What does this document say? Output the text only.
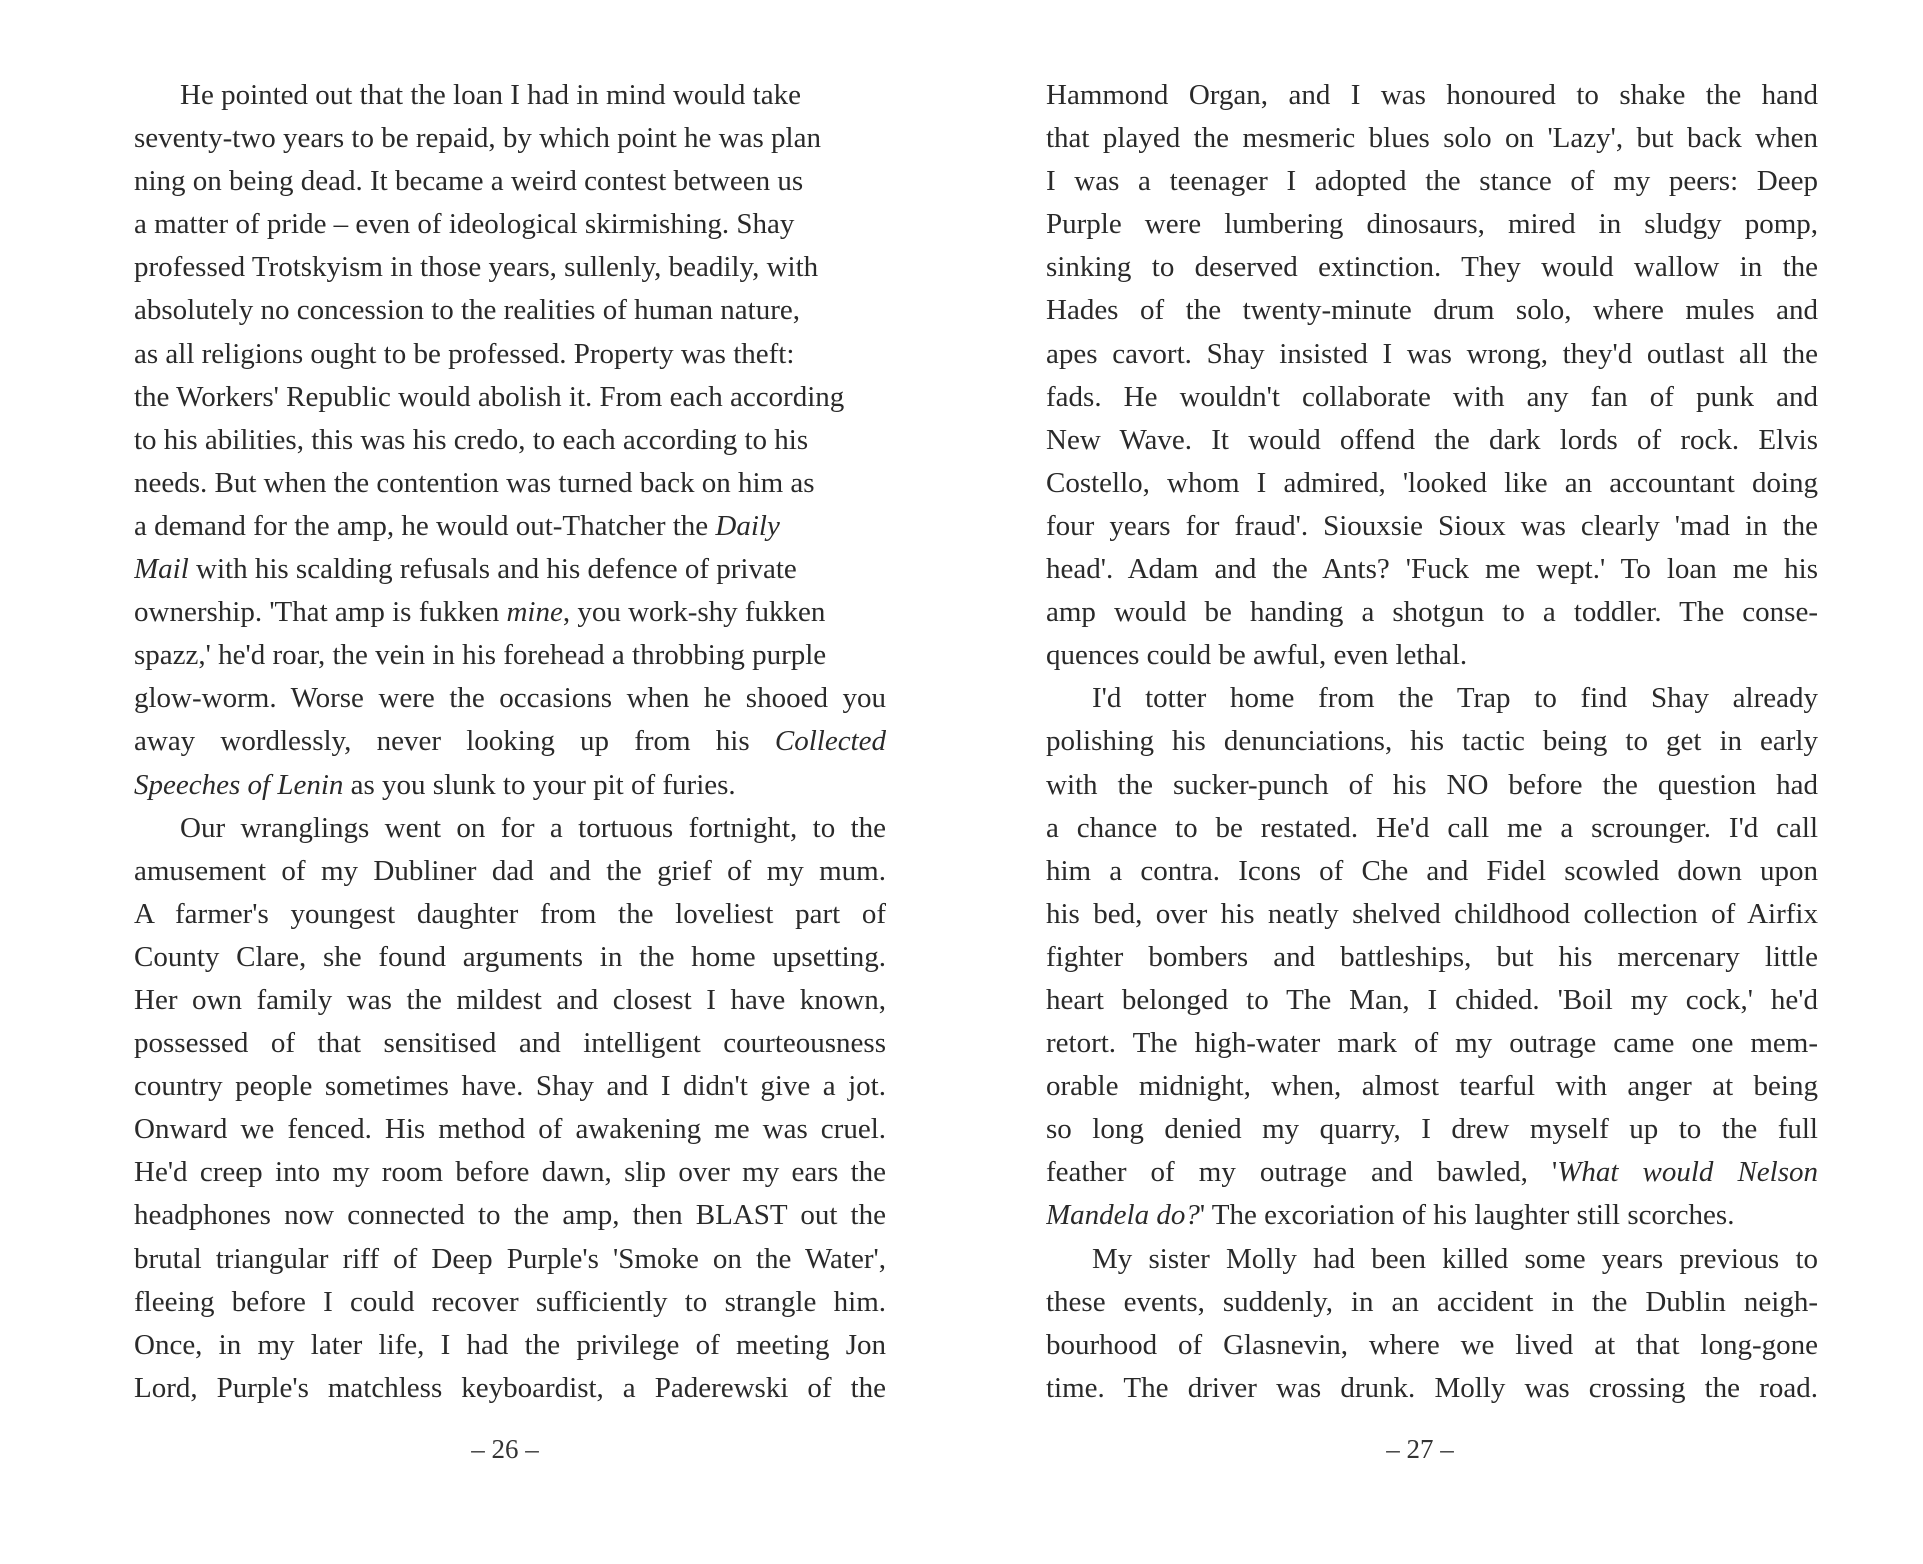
He pointed out that the loan I had in mind would take
seventy-two years to be repaid, by which point he was plan
ning on being dead. It became a weird contest between us
a matter of pride – even of ideological skirmishing. Shay
professed Trotskyism in those years, sullenly, beadily, with
absolutely no concession to the realities of human nature,
as all religions ought to be professed. Property was theft:
the Workers' Republic would abolish it. From each according
to his abilities, this was his credo, to each according to his
needs. But when the contention was turned back on him as
a demand for the amp, he would out-Thatcher the Daily
Mail with his scalding refusals and his defence of private
ownership. 'That amp is fukken mine, you work-shy fukken
spazz,' he'd roar, the vein in his forehead a throbbing purple
glow-worm. Worse were the occasions when he shooed you
away wordlessly, never looking up from his Collected
Speeches of Lenin as you slunk to your pit of furies.
Our wranglings went on for a tortuous fortnight, to the
amusement of my Dubliner dad and the grief of my mum.
A farmer's youngest daughter from the loveliest part of
County Clare, she found arguments in the home upsetting.
Her own family was the mildest and closest I have known,
possessed of that sensitised and intelligent courteousness
country people sometimes have. Shay and I didn't give a jot.
Onward we fenced. His method of awakening me was cruel.
He'd creep into my room before dawn, slip over my ears the
headphones now connected to the amp, then BLAST out the
brutal triangular riff of Deep Purple's 'Smoke on the Water',
fleeing before I could recover sufficiently to strangle him.
Once, in my later life, I had the privilege of meeting Jon
Lord, Purple's matchless keyboardist, a Paderewski of the
– 26 –
Hammond Organ, and I was honoured to shake the hand
that played the mesmeric blues solo on 'Lazy', but back when
I was a teenager I adopted the stance of my peers: Deep
Purple were lumbering dinosaurs, mired in sludgy pomp,
sinking to deserved extinction. They would wallow in the
Hades of the twenty-minute drum solo, where mules and
apes cavort. Shay insisted I was wrong, they'd outlast all the
fads. He wouldn't collaborate with any fan of punk and
New Wave. It would offend the dark lords of rock. Elvis
Costello, whom I admired, 'looked like an accountant doing
four years for fraud'. Siouxsie Sioux was clearly 'mad in the
head'. Adam and the Ants? 'Fuck me wept.' To loan me his
amp would be handing a shotgun to a toddler. The conse-
quences could be awful, even lethal.
I'd totter home from the Trap to find Shay already
polishing his denunciations, his tactic being to get in early
with the sucker-punch of his NO before the question had
a chance to be restated. He'd call me a scrounger. I'd call
him a contra. Icons of Che and Fidel scowled down upon
his bed, over his neatly shelved childhood collection of Airfix
fighter bombers and battleships, but his mercenary little
heart belonged to The Man, I chided. 'Boil my cock,' he'd
retort. The high-water mark of my outrage came one mem-
orable midnight, when, almost tearful with anger at being
so long denied my quarry, I drew myself up to the full
feather of my outrage and bawled, 'What would Nelson
Mandela do?' The excoriation of his laughter still scorches.
My sister Molly had been killed some years previous to
these events, suddenly, in an accident in the Dublin neigh-
bourhood of Glasnevin, where we lived at that long-gone
time. The driver was drunk. Molly was crossing the road.
– 27 –
